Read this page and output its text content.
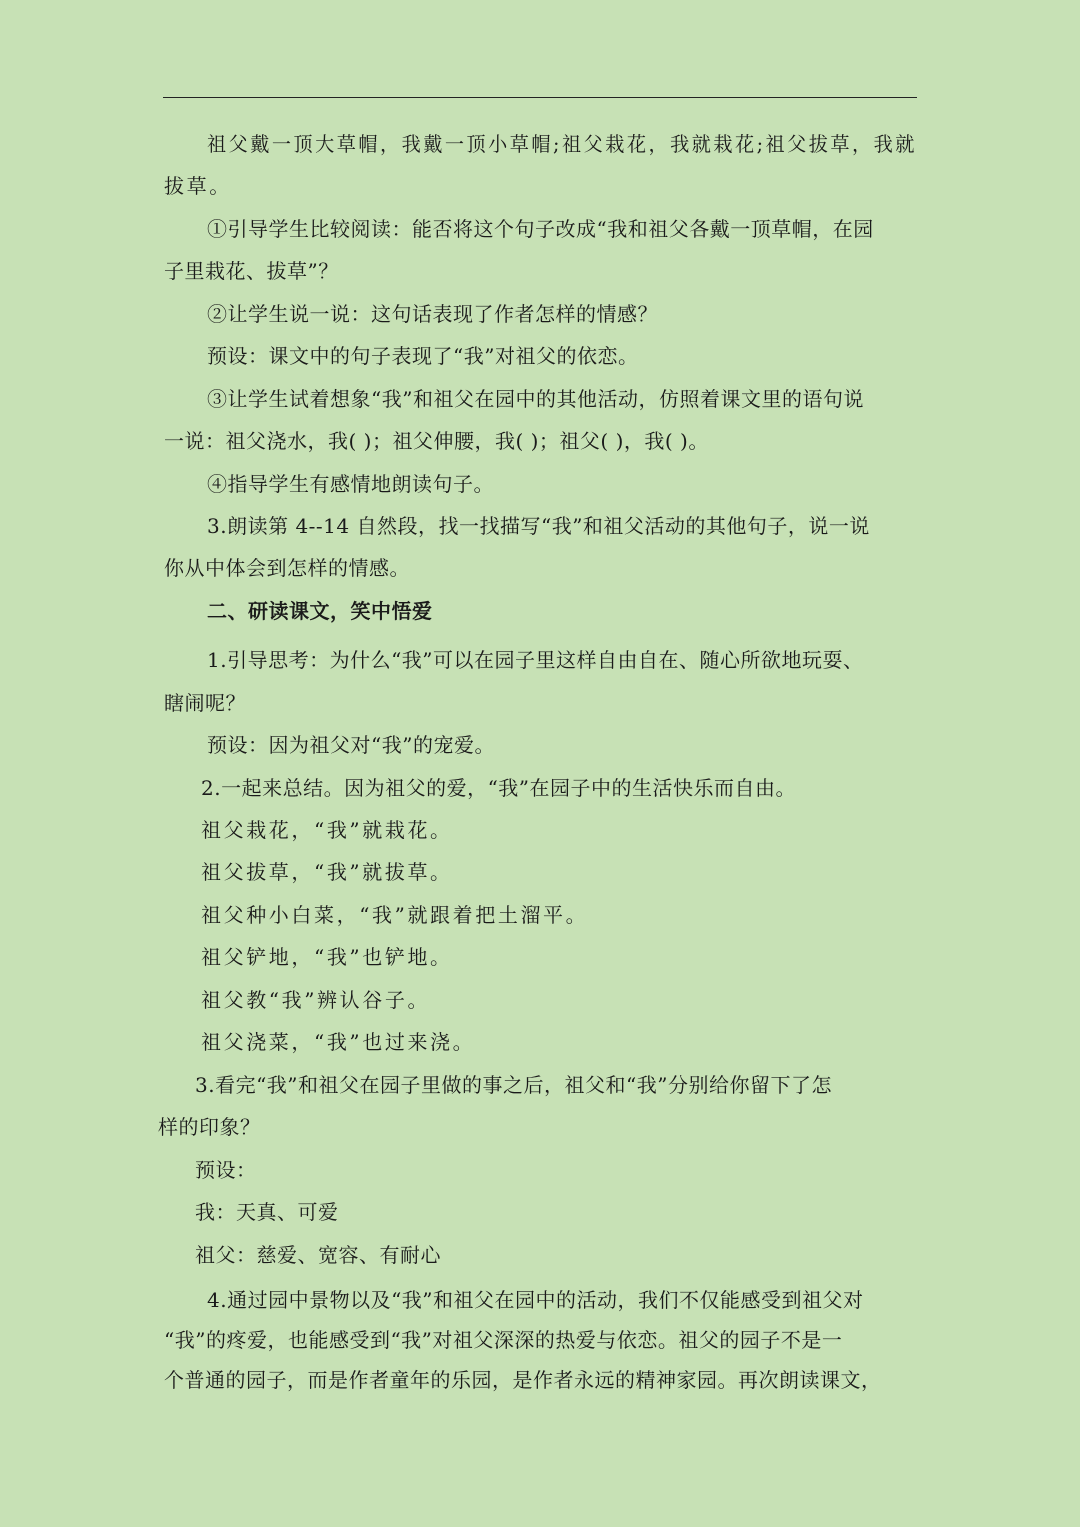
祖父戴一顶大草帽，我戴一顶小草帽;祖父栽花，我就栽花;祖父拔草，我就
拔草。
①引导学生比较阅读：能否将这个句子改成“我和祖父各戴一顶草帽，在园
子里栽花、拔草”？
②让学生说一说：这句话表现了作者怎样的情感？
预设：课文中的句子表现了“我”对祖父的依恋。
③让学生试着想象“我”和祖父在园中的其他活动，仿照着课文里的语句说
一说：祖父浇水，我( )；祖父伸腰，我( )；祖父( )，我( )。
④指导学生有感情地朗读句子。
3.朗读第 4--14 自然段，找一找描写“我”和祖父活动的其他句子，说一说
你从中体会到怎样的情感。
二、研读课文，笑中悟爱
1.引导思考：为什么“我”可以在园子里这样自由自在、随心所欲地玩耍、
瞎闹呢？
预设：因为祖父对“我”的宠爱。
2.一起来总结。因为祖父的爱，“我”在园子中的生活快乐而自由。
祖父栽花，“我”就栽花。
祖父拔草，“我”就拔草。
祖父种小白菜，“我”就跟着把土溜平。
祖父铲地，“我”也铲地。
祖父教“我”辨认谷子。
祖父浇菜，“我”也过来浇。
3.看完“我”和祖父在园子里做的事之后，祖父和“我”分别给你留下了怎
样的印象？
预设：
我：天真、可爱
祖父：慈爱、宽容、有耐心
4.通过园中景物以及“我”和祖父在园中的活动，我们不仅能感受到祖父对
“我”的疼爱，也能感受到“我”对祖父深深的热爱与依恋。祖父的园子不是一
个普通的园子，而是作者童年的乐园，是作者永远的精神家园。再次朗读课文，
